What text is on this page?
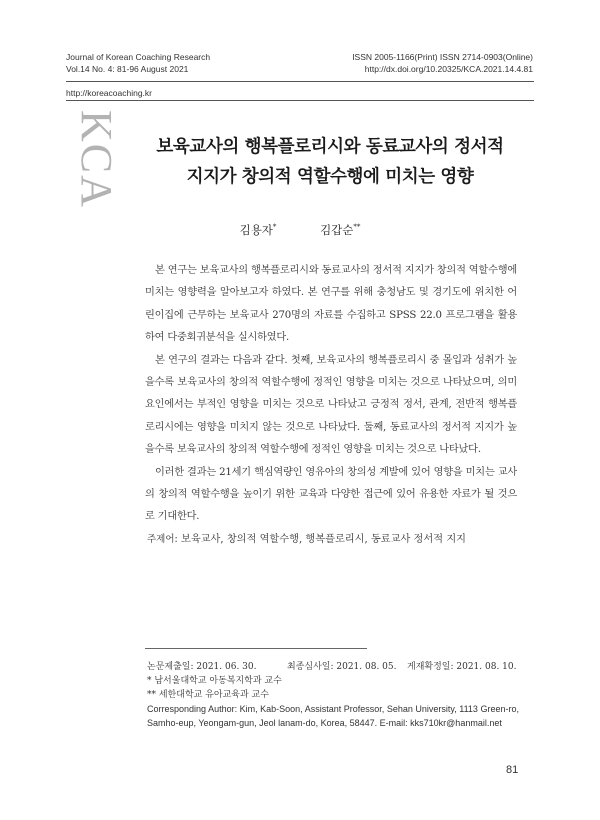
Journal of Korean Coaching Research
Vol.14 No. 4: 81-96 August 2021
ISSN 2005-1166(Print) ISSN 2714-0903(Online)
http://dx.doi.org/10.20325/KCA.2021.14.4.81
http://koreacoaching.kr
KCA	보육교사의 행복플로리시와 동료교사의 정서적
지지가 창의적 역할수행에 미치는 영향
김용자*	김갑순**

본 연구는 보육교사의 행복플로리시와 동료교사의 정서적 지지가 창의적 역할수행에 미치는 영향력을 알아보고자 하였다. 본 연구를 위해 충청남도 및 경기도에 위치한 어린이집에 근무하는 보육교사 270명의 자료를 수집하고 SPSS 22.0 프로그램을 활용하여 다중회귀분석을 실시하였다.

본 연구의 결과는 다음과 같다. 첫째, 보육교사의 행복플로리시 중 몰입과 성취가 높을수록 보육교사의 창의적 역할수행에 정적인 영향을 미치는 것으로 나타났으며, 의미요인에서는 부적인 영향을 미치는 것으로 나타났고 긍정적 정서, 관계, 전반적 행복플로리시에는 영향을 미치지 않는 것으로 나타났다. 둘째, 동료교사의 정서적 지지가 높을수록 보육교사의 창의적 역할수행에 정적인 영향을 미치는 것으로 나타났다.

이러한 결과는 21세기 핵심역량인 영유아의 창의성 계발에 있어 영향을 미치는 교사의 창의적 역할수행을 높이기 위한 교육과 다양한 접근에 있어 유용한 자료가 될 것으로 기대한다.

주제어: 보육교사, 창의적 역할수행, 행복플로리시, 동료교사 정서적 지지
논문제출일: 2021. 06. 30.	최종심사일: 2021. 08. 05. 게재확정일: 2021. 08. 10.
* 남서울대학교 아동복지학과 교수
** 세한대학교 유아교육과 교수
Corresponding Author: Kim, Kab-Soon, Assistant Professor, Sehan University, 1113 Green-ro, Samho-eup, Yeongam-gun, Jeol lanam-do, Korea, 58447. E-mail: kks710kr@hanmail.net
81
